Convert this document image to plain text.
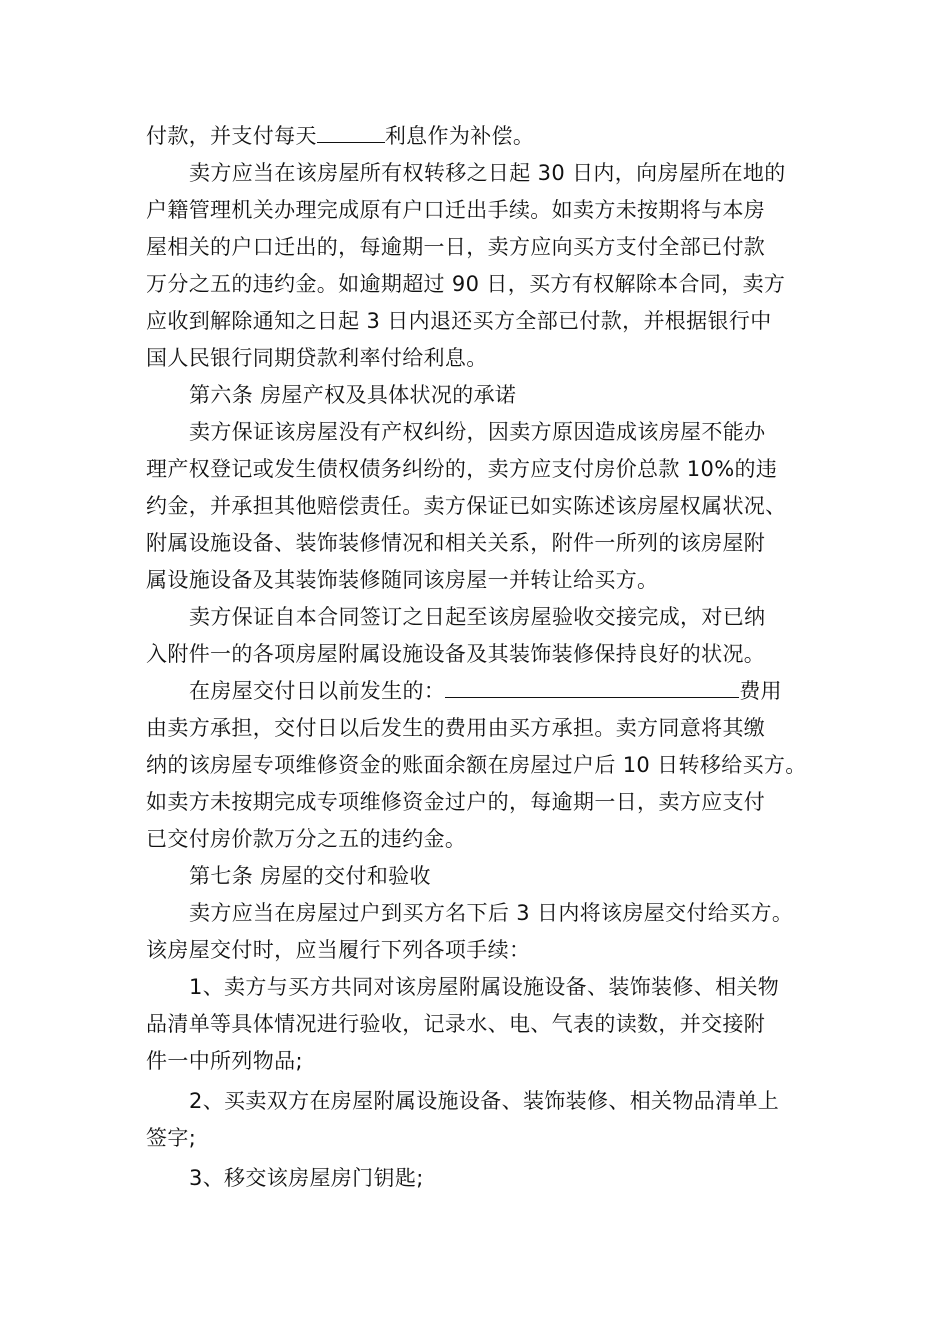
付款，并支付每天	利息作为补偿。
卖方应当在该房屋所有权转移之日起 30 日内，向房屋所在地的
户籍管理机关办理完成原有户口迁出手续。如卖方未按期将与本房
屋相关的户口迁出的，每逾期一日，卖方应向买方支付全部已付款
万分之五的违约金。如逾期超过 90 日，买方有权解除本合同，卖方
应收到解除通知之日起 3 日内退还买方全部已付款，并根据银行中
国人民银行同期贷款利率付给利息。
第六条 房屋产权及具体状况的承诺
卖方保证该房屋没有产权纠纷，因卖方原因造成该房屋不能办
理产权登记或发生债权债务纠纷的，卖方应支付房价总款 10%的违
约金，并承担其他赔偿责任。卖方保证已如实陈述该房屋权属状况、
附属设施设备、装饰装修情况和相关关系，附件一所列的该房屋附
属设施设备及其装饰装修随同该房屋一并转让给买方。
卖方保证自本合同签订之日起至该房屋验收交接完成，对已纳
入附件一的各项房屋附属设施设备及其装饰装修保持良好的状况。
在房屋交付日以前发生的：	费用
由卖方承担，交付日以后发生的费用由买方承担。卖方同意将其缴
纳的该房屋专项维修资金的账面余额在房屋过户后 10 日转移给买方。
如卖方未按期完成专项维修资金过户的，每逾期一日，卖方应支付
已交付房价款万分之五的违约金。
第七条 房屋的交付和验收
卖方应当在房屋过户到买方名下后 3 日内将该房屋交付给买方。
该房屋交付时，应当履行下列各项手续：
1、卖方与买方共同对该房屋附属设施设备、装饰装修、相关物
品清单等具体情况进行验收，记录水、电、气表的读数，并交接附
件一中所列物品;
2、买卖双方在房屋附属设施设备、装饰装修、相关物品清单上
签字;
3、移交该房屋房门钥匙;
